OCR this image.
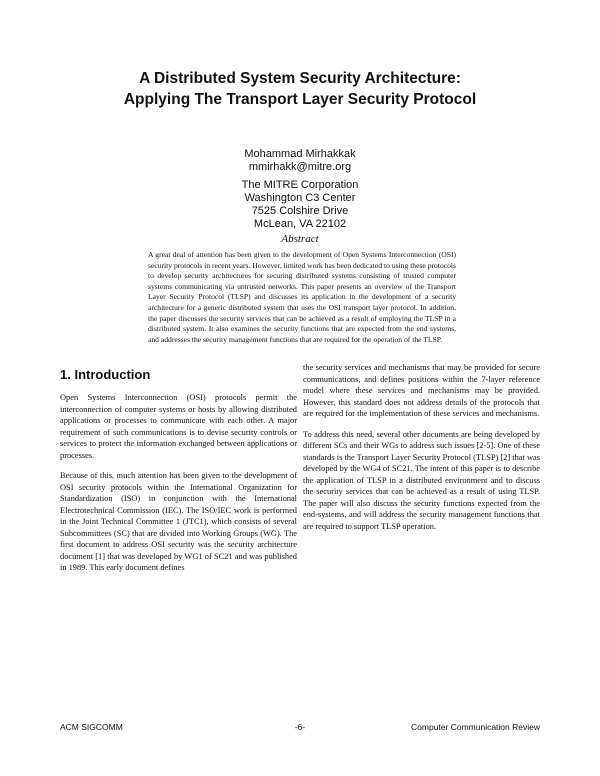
A Distributed System Security Architecture:
Applying The Transport Layer Security Protocol
Mohammad Mirhakkak
mmirhakk@mitre.org
The MITRE Corporation
Washington C3 Center
7525 Colshire Drive
McLean, VA 22102
Abstract
A great deal of attention has been given to the development of Open Systems Interconnection (OSI) security protocols in recent years. However, limited work has been dedicated to using these protocols to develop security architectures for securing distributed systems consisting of trusted computer systems communicating via untrusted networks. This paper presents an overview of the Transport Layer Security Protocol (TLSP) and discusses its application in the development of a security architecture for a generic distributed system that uses the OSI transport layer protocol. In addition, the paper discusses the security services that can be achieved as a result of employing the TLSP in a distributed system. It also examines the security functions that are expected from the end systems, and addresses the security management functions that are required for the operation of the TLSP.
1. Introduction

Open Systems Interconnection (OSI) protocols permit the interconnection of computer systems or hosts by allowing distributed applications or processes to communicate with each other. A major requirement of such communications is to devise security controls or services to protect the information exchanged between applications or processes.

Because of this, much attention has been given to the development of OSI security protocols within the International Organization for Standardization (ISO) in conjunction with the International Electrotechnical Commission (IEC). The ISO/IEC work is performed in the Joint Technical Committee 1 (JTC1), which consists of several Subcommittees (SC) that are divided into Working Groups (WG). The first document to address OSI security was the security architecture document [1] that was developed by WG1 of SC21 and was published in 1989. This early document defines

the security services and mechanisms that may be provided for secure communications, and defines positions within the 7-layer reference model where these services and mechanisms may be provided. However, this standard does not address details of the protocols that are required for the implementation of these services and mechanisms.

To address this need, several other documents are being developed by different SCs and their WGs to address such issues [2-5]. One of these standards is the Transport Layer Security Protocol (TLSP) [2] that was developed by the WG4 of SC21. The intent of this paper is to describe the application of TLSP in a distributed environment and to discuss the security services that can be achieved as a result of using TLSP. The paper will also discuss the security functions expected from the end-systems, and will address the security management functions that are required to support TLSP operation.

ACM SIGCOMM	-6-	Computer Communication Review
